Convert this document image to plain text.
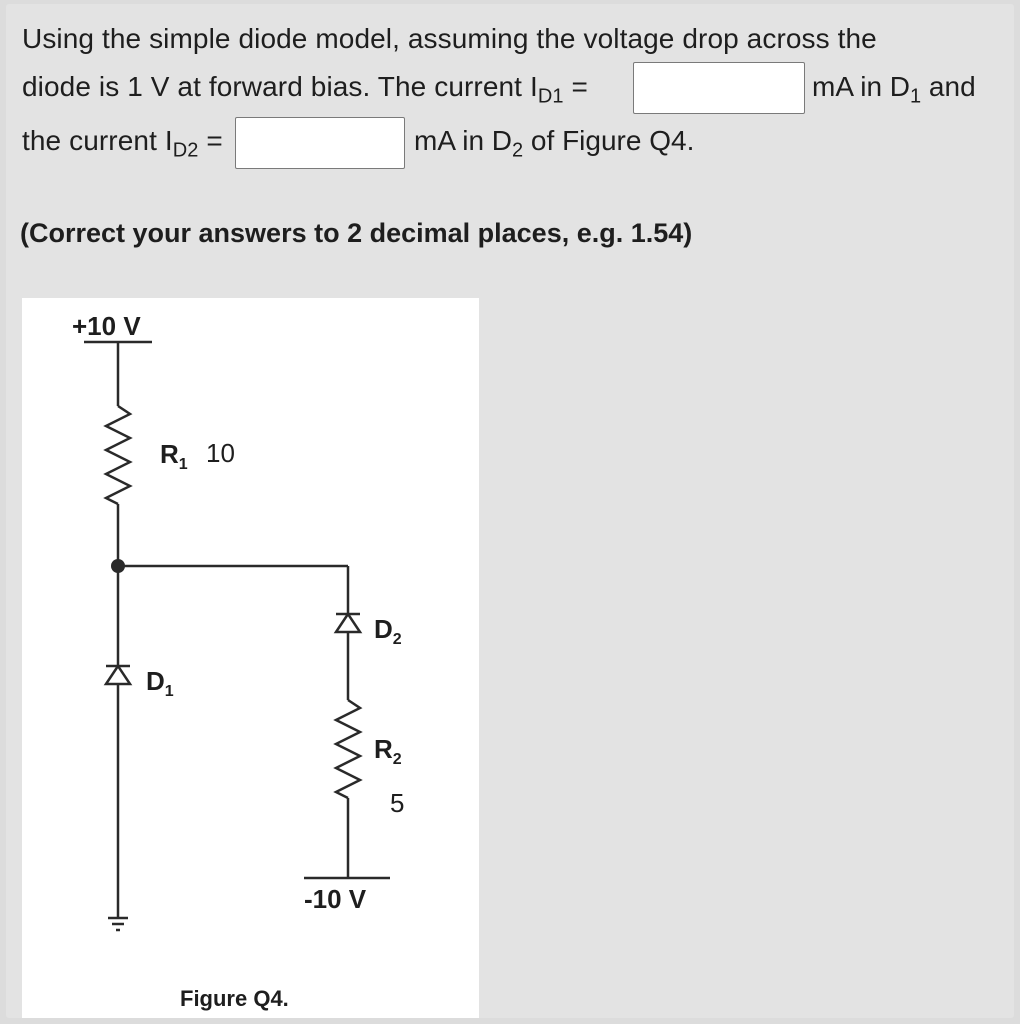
Using the simple diode model, assuming the voltage drop across the
diode is 1 V at forward bias. The current $I_{D1}$ =	mA in $D_1$ and
the current $I_{D2}$ =	mA in $D_2$ of Figure Q4.
(Correct your answers to 2 decimal places, e.g. 1.54)
+10 V
$R_1$ 10
$D_2$
$D_1$
$R_2$
5
-10 V
Figure Q4.
